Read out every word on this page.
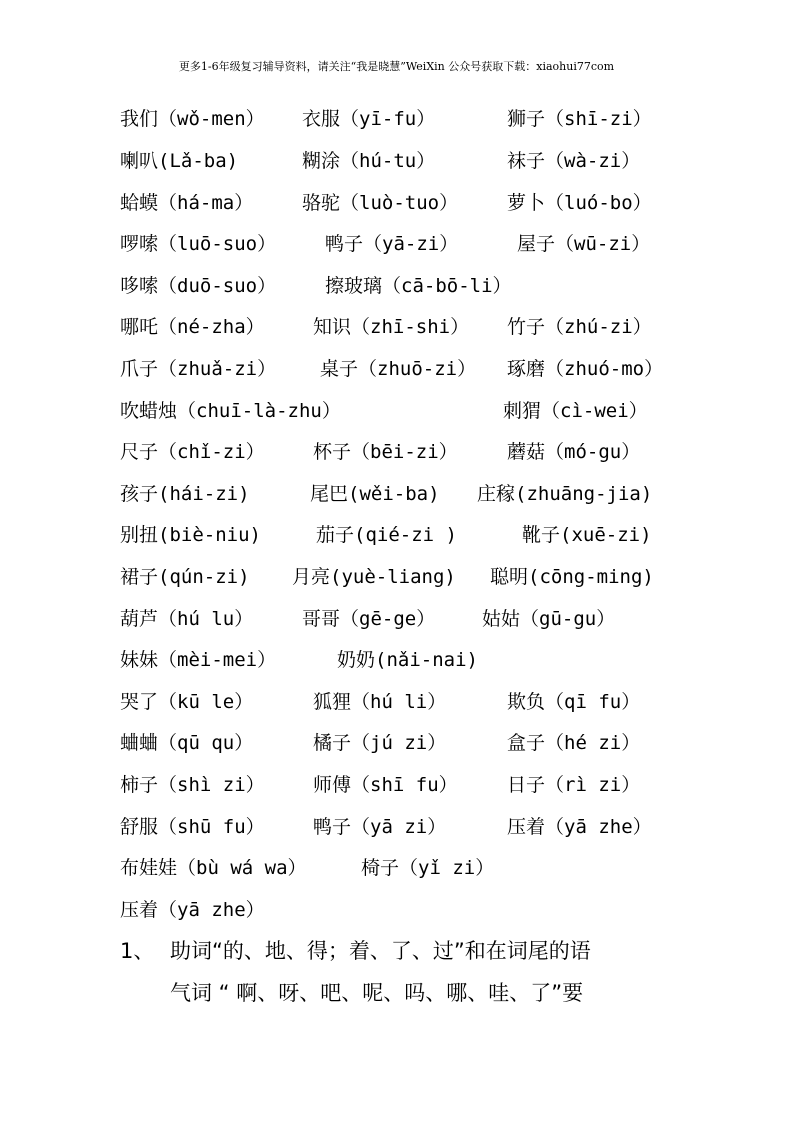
更多1-6年级复习辅导资料，请关注“我是晓慧”WeiXin 公众号获取下载：xiaohui77com
我们（wǒ-men） 衣服（yī-fu）	狮子（shī-zi）
喇叭(Lǎ-ba)	糊涂（hú-tu）	袜子（wà-zi）
蛤蟆（há-ma）	骆驼（luò-tuo）	萝卜（luó-bo）
啰嗦（luō-suo）	鸭子（yā-zi）	屋子（wū-zi）
哆嗦（duō-suo）	擦玻璃（cā-bō-li）
哪吒（né-zha）	知识（zhī-shi） 竹子（zhú-zi）
爪子（zhuǎ-zi） 桌子（zhuō-zi） 琢磨（zhuó-mo）
吹蜡烛（chuī-là-zhu）	刺猬（cì-wei）
尺子（chǐ-zi）	杯子（bēi-zi）	蘑菇（mó-gu）
孩子(hái-zi)	尾巴(wěi-ba) 庄稼(zhuāng-jia)
别扭(biè-niu)	茄子(qié-zi )	靴子(xuē-zi)
裙子(qún-zi) 月亮(yuè-liang) 聪明(cōng-ming)
葫芦（hú lu）	哥哥（gē-ge） 姑姑（gū-gu）
妹妹（mèi-mei）	奶奶(nǎi-nai)
哭了（kū le）	狐狸（hú li）	欺负（qī fu）
蛐蛐（qū qu）	橘子（jú zi）	盒子（hé zi）
柿子（shì zi）	师傅（shī fu）	日子（rì zi）
舒服（shū fu）	鸭子（yā zi）	压着（yā zhe）
布娃娃（bù wá wa）	椅子（yǐ zi）
压着（yā zhe）
1、 助词“的、地、得；着、了、过”和在词尾的语
气词 “ 啊、呀、吧、呢、吗、哪、哇、了”要
